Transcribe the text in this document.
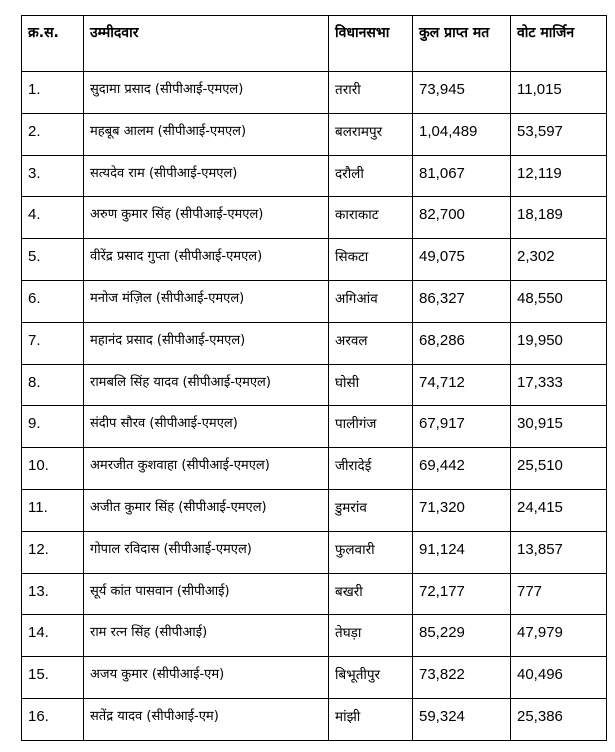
क्र.स.	उम्मीदवार	विधानसभा	कुल प्राप्त मत	वोट मार्जिन
1.	सुदामा प्रसाद (सीपीआई-एमएल)	तरारी	73,945	11,015
2.	महबूब आलम (सीपीआई-एमएल)	बलरामपुर	1,04,489	53,597
3.	सत्यदेव राम (सीपीआई-एमएल)	दरौली	81,067	12,119
4.	अरुण कुमार सिंह (सीपीआई-एमएल)	काराकाट	82,700	18,189
5.	वीरेंद्र प्रसाद गुप्ता (सीपीआई-एमएल)	सिकटा	49,075	2,302
6.	मनोज मंज़िल (सीपीआई-एमएल)	अगिआंव	86,327	48,550
7.	महानंद प्रसाद (सीपीआई-एमएल)	अरवल	68,286	19,950
8.	रामबलि सिंह यादव (सीपीआई-एमएल)	घोसी	74,712	17,333
9.	संदीप सौरव (सीपीआई-एमएल)	पालीगंज	67,917	30,915
10.	अमरजीत कुशवाहा (सीपीआई-एमएल)	जीरादेई	69,442	25,510
11.	अजीत कुमार सिंह (सीपीआई-एमएल)	डुमरांव	71,320	24,415
12.	गोपाल रविदास (सीपीआई-एमएल)	फुलवारी	91,124	13,857
13.	सूर्य कांत पासवान (सीपीआई)	बखरी	72,177	777
14.	राम रत्न सिंह (सीपीआई)	तेघड़ा	85,229	47,979
15.	अजय कुमार (सीपीआई-एम)	बिभूतीपुर	73,822	40,496
16.	सतेंद्र यादव (सीपीआई-एम)	मांझी	59,324	25,386
